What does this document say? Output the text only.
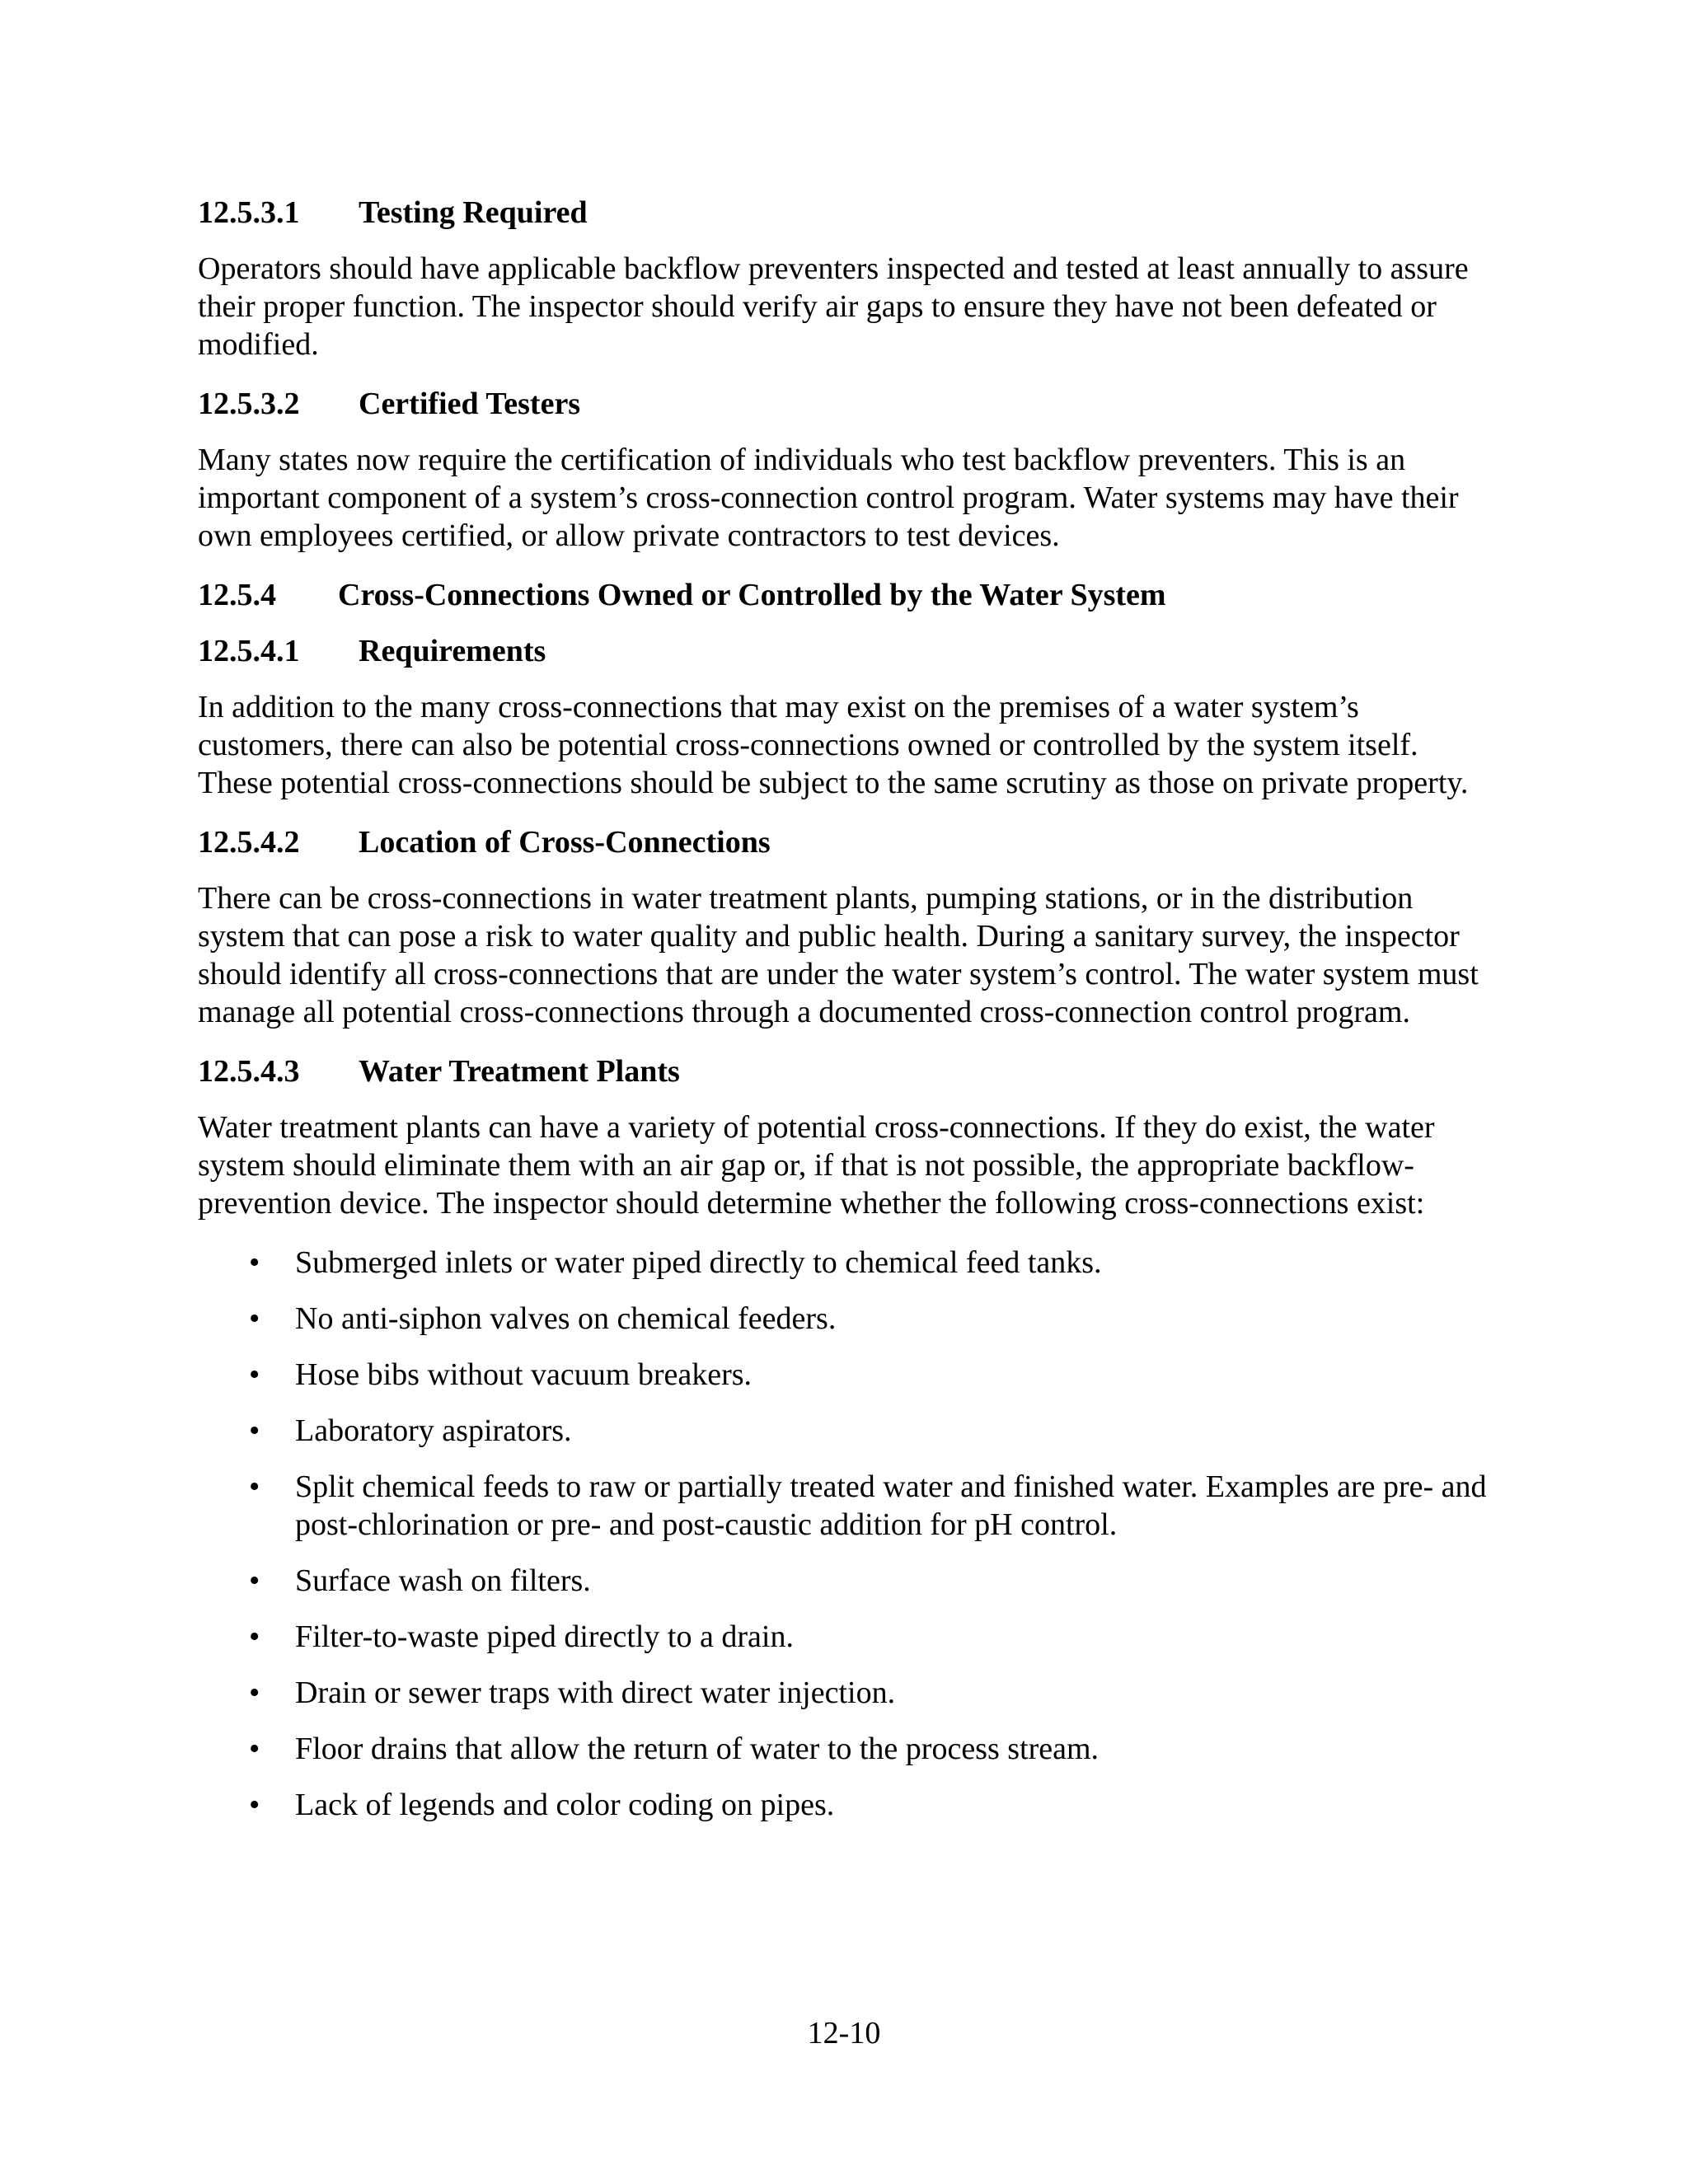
12.5.3.1	Testing Required

Operators should have applicable backflow preventers inspected and tested at least annually to assure their proper function. The inspector should verify air gaps to ensure they have not been defeated or modified.

12.5.3.2	Certified Testers

Many states now require the certification of individuals who test backflow preventers. This is an important component of a system’s cross-connection control program. Water systems may have their own employees certified, or allow private contractors to test devices.

12.5.4	Cross-Connections Owned or Controlled by the Water System
12.5.4.1	Requirements

In addition to the many cross-connections that may exist on the premises of a water system’s customers, there can also be potential cross-connections owned or controlled by the system itself. These potential cross-connections should be subject to the same scrutiny as those on private property.

12.5.4.2	Location of Cross-Connections

There can be cross-connections in water treatment plants, pumping stations, or in the distribution system that can pose a risk to water quality and public health. During a sanitary survey, the inspector should identify all cross-connections that are under the water system’s control. The water system must manage all potential cross-connections through a documented cross-connection control program.

12.5.4.3	Water Treatment Plants

Water treatment plants can have a variety of potential cross-connections. If they do exist, the water system should eliminate them with an air gap or, if that is not possible, the appropriate backflow-prevention device. The inspector should determine whether the following cross-connections exist:

• Submerged inlets or water piped directly to chemical feed tanks.
• No anti-siphon valves on chemical feeders.
• Hose bibs without vacuum breakers.
• Laboratory aspirators.
• Split chemical feeds to raw or partially treated water and finished water. Examples are pre- and post-chlorination or pre- and post-caustic addition for pH control.
• Surface wash on filters.
• Filter-to-waste piped directly to a drain.
• Drain or sewer traps with direct water injection.
• Floor drains that allow the return of water to the process stream.
• Lack of legends and color coding on pipes.
12-10
